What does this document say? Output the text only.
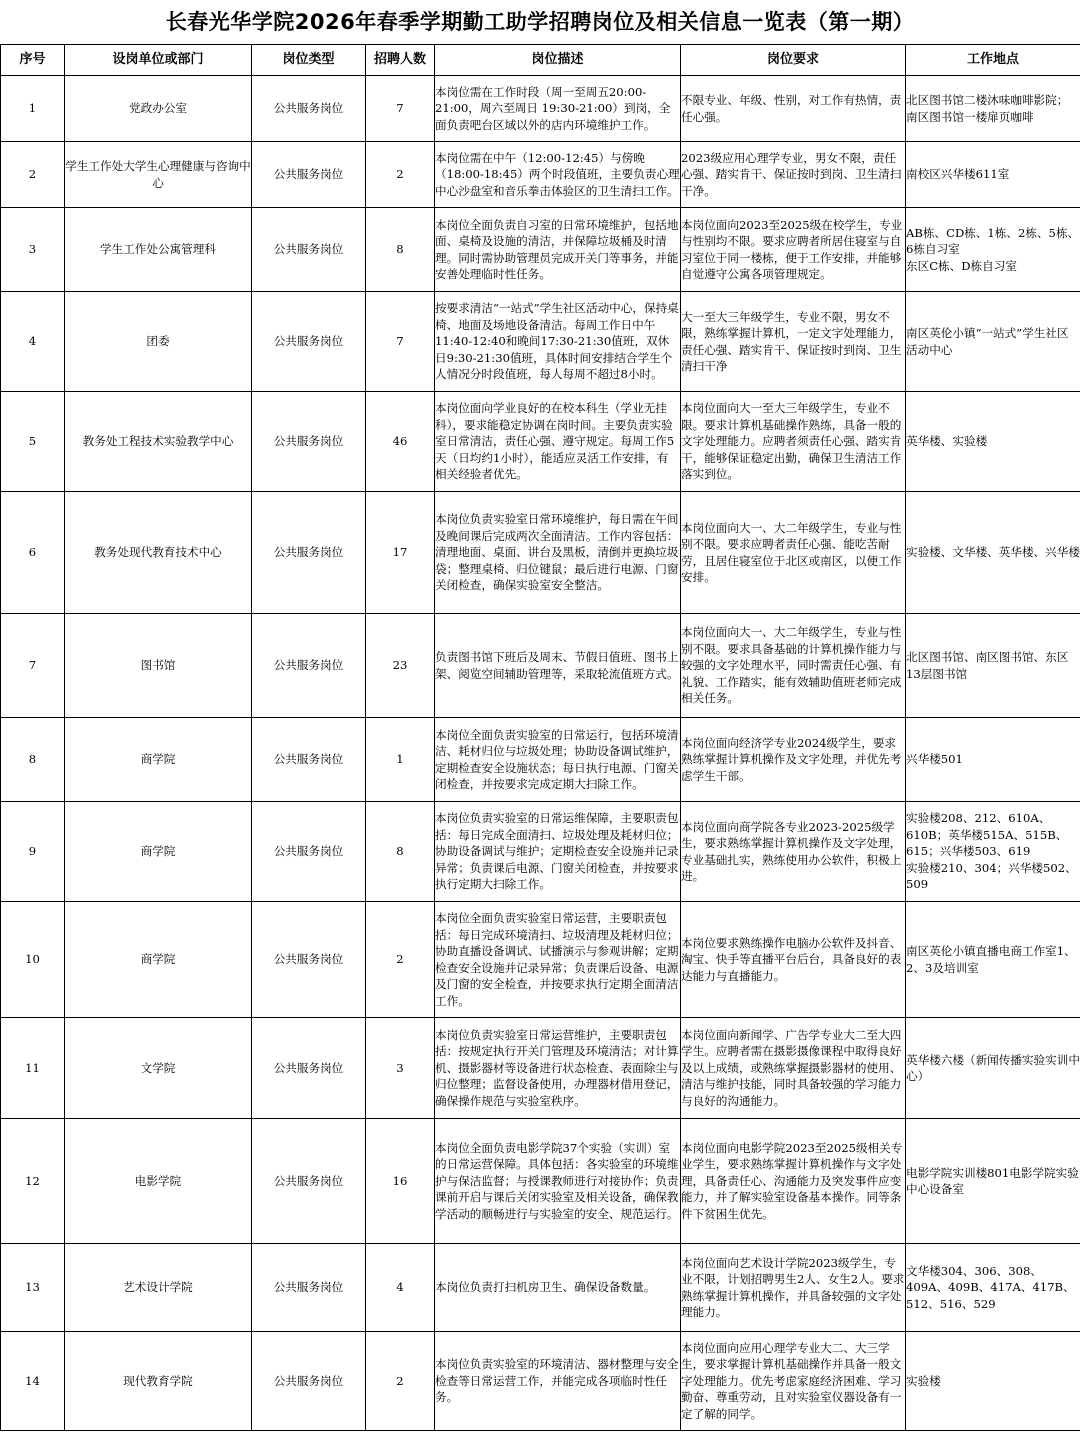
长春光华学院2026年春季学期勤工助学招聘岗位及相关信息一览表（第一期）
序号	设岗单位或部门	岗位类型	招聘人数	岗位描述	岗位要求	工作地点

1	党政办公室	公共服务岗位	7	本岗位需在工作时段（周一至周五20:00-21:00，周六至周日 19:30-21:00）到岗，全面负责吧台区域以外的店内环境维护工作。	不限专业、年级、性别，对工作有热情，责任心强。	北区图书馆二楼沐味咖啡影院；
南区图书馆一楼扉页咖啡

2	学生工作处大学生心理健康与咨询中心	公共服务岗位	2	本岗位需在中午（12:00-12:45）与傍晚（18:00-18:45）两个时段值班，主要负责心理中心沙盘室和音乐拳击体验区的卫生清扫工作。	2023级应用心理学专业，男女不限，责任心强、踏实肯干、保证按时到岗、卫生清扫干净。	南校区兴华楼611室

3	学生工作处公寓管理科	公共服务岗位	8	本岗位全面负责自习室的日常环境维护，包括地面、桌椅及设施的清洁，并保障垃圾桶及时清理。同时需协助管理员完成开关门等事务，并能安善处理临时性任务。	本岗位面向2023至2025级在校学生，专业与性别均不限。要求应聘者所居住寝室与自习室位于同一楼栋，便于工作安排，并能够自觉遵守公寓各项管理规定。	AB栋、CD栋、1栋、2栋、5栋、6栋自习室
东区C栋、D栋自习室

4	团委	公共服务岗位	7	按要求清洁“一站式”学生社区活动中心，保持桌椅、地面及场地设备清洁。每周工作日中午11:40-12:40和晚间17:30-21:30值班，双休日9:30-21:30值班，具体时间安排结合学生个人情况分时段值班，每人每周不超过8小时。	大一至大三年级学生，专业不限，男女不限，熟练掌握计算机，一定文字处理能力，责任心强、踏实肯干、保证按时到岗、卫生清扫干净	南区英伦小镇“一站式”学生社区活动中心

5	教务处工程技术实验教学中心	公共服务岗位	46	本岗位面向学业良好的在校本科生（学业无挂科），要求能稳定协调在岗时间。主要负责实验室日常清洁，责任心强、遵守规定。每周工作5天（日均约1小时），能适应灵活工作安排，有相关经验者优先。	本岗位面向大一至大三年级学生，专业不限。要求计算机基础操作熟练，具备一般的文字处理能力。应聘者须责任心强、踏实肯干，能够保证稳定出勤，确保卫生清洁工作落实到位。	英华楼、实验楼

6	教务处现代教育技术中心	公共服务岗位	17	本岗位负责实验室日常环境维护，每日需在午间及晚间课后完成两次全面清洁。工作内容包括：清理地面、桌面、讲台及黑板，清倒并更换垃圾袋；整理桌椅、归位键鼠；最后进行电源、门窗关闭检查，确保实验室安全整洁。	本岗位面向大一、大二年级学生，专业与性别不限。要求应聘者责任心强、能吃苦耐劳，且居住寝室位于北区或南区，以便工作安排。	实验楼、文华楼、英华楼、兴华楼

7	图书馆	公共服务岗位	23	负责图书馆下班后及周末、节假日值班、图书上架、阅览空间辅助管理等，采取轮流值班方式。	本岗位面向大一、大二年级学生，专业与性别不限。要求具备基础的计算机操作能力与较强的文字处理水平，同时需责任心强、有礼貌、工作踏实，能有效辅助值班老师完成相关任务。	北区图书馆、南区图书馆、东区13层图书馆

8	商学院	公共服务岗位	1	本岗位全面负责实验室的日常运行，包括环境清洁、耗材归位与垃圾处理；协助设备调试维护，定期检查安全设施状态；每日执行电源、门窗关闭检查，并按要求完成定期大扫除工作。	本岗位面向经济学专业2024级学生，要求熟练掌握计算机操作及文字处理，并优先考虑学生干部。	兴华楼501

9	商学院	公共服务岗位	8	本岗位负责实验室的日常运维保障，主要职责包括：每日完成全面清扫、垃圾处理及耗材归位；协助设备调试与维护；定期检查安全设施并记录异常；负责课后电源、门窗关闭检查，并按要求执行定期大扫除工作。	本岗位面向商学院各专业2023-2025级学生，要求熟练掌握计算机操作及文字处理，专业基础扎实，熟练使用办公软件，积极上进。	实验楼208、212、610A、610B；英华楼515A、515B、615；兴华楼503、619
实验楼210、304；兴华楼502、509

10	商学院	公共服务岗位	2	本岗位全面负责实验室日常运营，主要职责包括：每日完成环境清扫、垃圾清理及耗材归位；协助直播设备调试、试播演示与参观讲解；定期检查安全设施并记录异常；负责课后设备、电源及门窗的安全检查，并按要求执行定期全面清洁工作。	本岗位要求熟练操作电脑办公软件及抖音、淘宝、快手等直播平台后台，具备良好的表达能力与直播能力。	南区英伦小镇直播电商工作室1、2、3及培训室

11	文学院	公共服务岗位	3	本岗位负责实验室日常运营维护，主要职责包括：按规定执行开关门管理及环境清洁；对计算机、摄影器材等设备进行状态检查、表面除尘与归位整理；监督设备使用，办理器材借用登记，确保操作规范与实验室秩序。	本岗位面向新闻学、广告学专业大二至大四学生。应聘者需在摄影摄像课程中取得良好及以上成绩，或熟练掌握摄影器材的使用、清洁与维护技能，同时具备较强的学习能力与良好的沟通能力。	英华楼六楼（新闻传播实验实训中心）

12	电影学院	公共服务岗位	16	本岗位全面负责电影学院37个实验（实训）室的日常运营保障。具体包括：各实验室的环境维护与保洁监督；与授课教师进行对接协作；负责课前开启与课后关闭实验室及相关设备，确保教学活动的顺畅进行与实验室的安全、规范运行。	本岗位面向电影学院2023至2025级相关专业学生，要求熟练掌握计算机操作与文字处理，具备责任心、沟通能力及突发事件应变能力，并了解实验室设备基本操作。同等条件下贫困生优先。	电影学院实训楼801电影学院实验中心设备室

13	艺术设计学院	公共服务岗位	4	本岗位负责打扫机房卫生、确保设备数量。	本岗位面向艺术设计学院2023级学生，专业不限，计划招聘男生2人、女生2人。要求熟练掌握计算机操作，并具备较强的文字处理能力。	文华楼304、306、308、409A、409B、417A、417B、512、516、529

14	现代教育学院	公共服务岗位	2	本岗位负责实验室的环境清洁、器材整理与安全检查等日常运营工作，并能完成各项临时性任务。	本岗位面向应用心理学专业大二、大三学生，要求掌握计算机基础操作并具备一般文字处理能力。优先考虑家庭经济困难、学习勤奋、尊重劳动，且对实验室仪器设备有一定了解的同学。	实验楼
